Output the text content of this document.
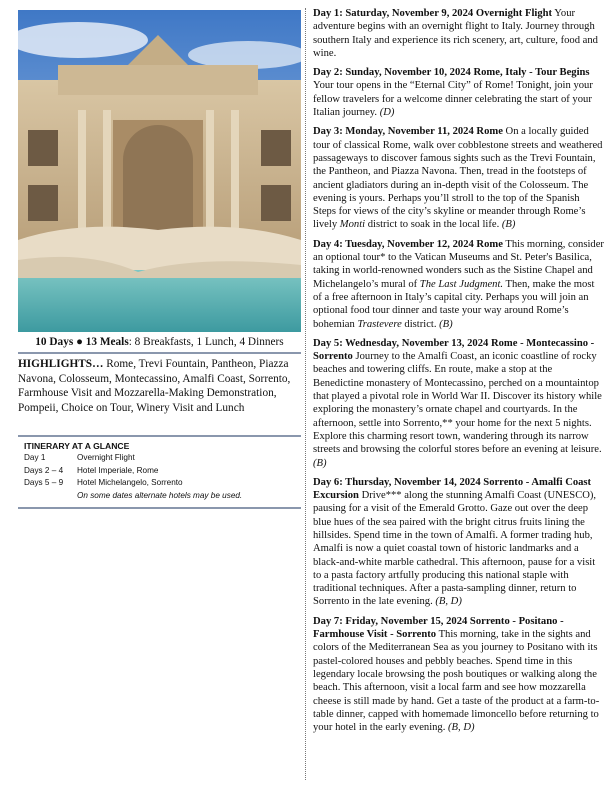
10 Days ● 13 Meals: 8 Breakfasts, 1 Lunch, 4 Dinners
HIGHLIGHTS… Rome, Trevi Fountain, Pantheon, Piazza Navona, Colosseum, Montecassino, Amalfi Coast, Sorrento, Farmhouse Visit and Mozzarella-Making Demonstration, Pompeii, Choice on Tour, Winery Visit and Lunch
ITINERARY AT A GLANCE
Day 1	Overnight Flight
Days 2 – 4	Hotel Imperiale, Rome
Days 5 – 9	Hotel Michelangelo, Sorrento
On some dates alternate hotels may be used.

Day 1: Saturday, November 9, 2024 Overnight Flight Your adventure begins with an overnight flight to Italy. Journey through southern Italy and experience its rich scenery, art, culture, food and wine.

Day 2: Sunday, November 10, 2024 Rome, Italy - Tour Begins Your tour opens in the “Eternal City” of Rome! Tonight, join your fellow travelers for a welcome dinner celebrating the start of your Italian journey. (D)

Day 3: Monday, November 11, 2024 Rome On a locally guided tour of classical Rome, walk over cobblestone streets and weathered passageways to discover famous sights such as the Trevi Fountain, the Pantheon, and Piazza Navona. Then, tread in the footsteps of ancient gladiators during an in-depth visit of the Colosseum. The evening is yours. Perhaps you’ll stroll to the top of the Spanish Steps for views of the city’s skyline or meander through Rome’s lively Monti district to soak in the local life. (B)

Day 4: Tuesday, November 12, 2024 Rome This morning, consider an optional tour* to the Vatican Museums and St. Peter's Basilica, taking in world-renowned wonders such as the Sistine Chapel and Michelangelo’s mural of The Last Judgment. Then, make the most of a free afternoon in Italy’s capital city. Perhaps you will join an optional food tour dinner and taste your way around Rome’s bohemian Trastevere district. (B)

Day 5: Wednesday, November 13, 2024 Rome - Montecassino - Sorrento Journey to the Amalfi Coast, an iconic coastline of rocky beaches and towering cliffs. En route, make a stop at the Benedictine monastery of Montecassino, perched on a mountaintop that played a pivotal role in World War II. Discover its history while exploring the monastery’s ornate chapel and courtyards. In the afternoon, settle into Sorrento,** your home for the next 5 nights. Explore this charming resort town, wandering through its narrow streets and browsing the colorful stores before an evening at leisure. (B)

Day 6: Thursday, November 14, 2024 Sorrento - Amalfi Coast Excursion Drive*** along the stunning Amalfi Coast (UNESCO), pausing for a visit of the Emerald Grotto. Gaze out over the deep blue hues of the sea paired with the bright citrus fruits lining the hillsides. Spend time in the town of Amalfi. A former trading hub, Amalfi is now a quiet coastal town of historic landmarks and a black-and-white marble cathedral. This afternoon, pause for a visit to a pasta factory artfully producing this national staple with traditional techniques. After a pasta-sampling dinner, return to Sorrento in the late evening. (B, D)

Day 7: Friday, November 15, 2024 Sorrento - Positano - Farmhouse Visit - Sorrento This morning, take in the sights and colors of the Mediterranean Sea as you journey to Positano with its pastel-colored houses and pebbly beaches. Spend time in this legendary locale browsing the posh boutiques or walking along the beach. This afternoon, visit a local farm and see how mozzarella cheese is still made by hand. Get a taste of the product at a farm-to-table dinner, capped with homemade limoncello before returning to your hotel in the early evening. (B, D)
